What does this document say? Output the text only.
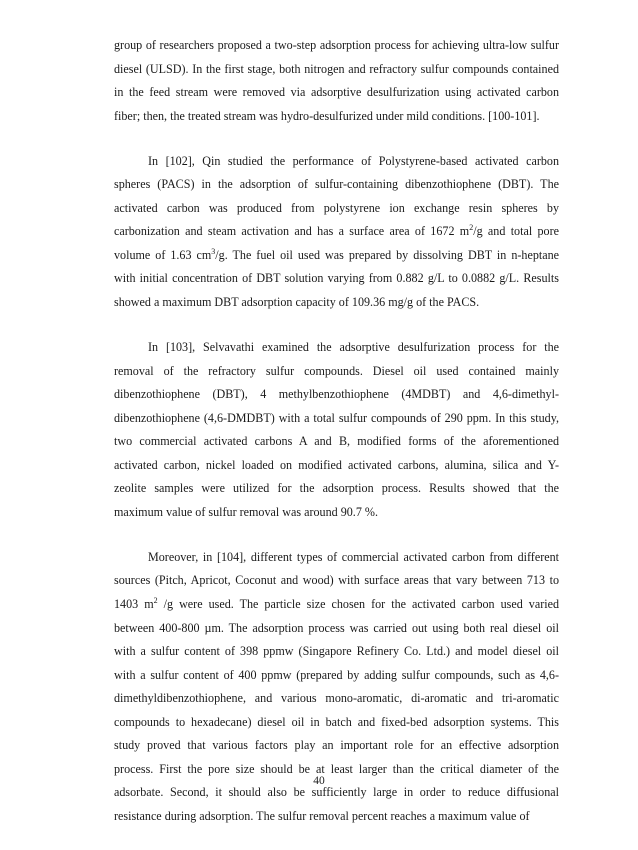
group of researchers proposed a two-step adsorption process for achieving ultra-low sulfur
diesel (ULSD). In the first stage, both nitrogen and refractory sulfur compounds contained
in the feed stream were removed via adsorptive desulfurization using activated carbon
fiber; then, the treated stream was hydro-desulfurized under mild conditions. [100-101].
In [102], Qin studied the performance of Polystyrene-based activated carbon
spheres (PACS) in the adsorption of sulfur-containing dibenzothiophene (DBT). The
activated carbon was produced from polystyrene ion exchange resin spheres by
carbonization and steam activation and has a surface area of 1672 $m^2/g$ and total pore
volume of 1.63 $cm^3/g$. The fuel oil used was prepared by dissolving DBT in n-heptane
with initial concentration of DBT solution varying from 0.882 g/L to 0.0882 g/L. Results
showed a maximum DBT adsorption capacity of 109.36 mg/g of the PACS.
In [103], Selvavathi examined the adsorptive desulfurization process for the
removal of the refractory sulfur compounds. Diesel oil used contained mainly
dibenzothiophene (DBT), 4 methylbenzothiophene (4MDBT) and 4,6-dimethyl-
dibenzothiophene (4,6-DMDBT) with a total sulfur compounds of 290 ppm. In this study,
two commercial activated carbons A and B, modified forms of the aforementioned
activated carbon, nickel loaded on modified activated carbons, alumina, silica and Y-
zeolite samples were utilized for the adsorption process. Results showed that the
maximum value of sulfur removal was around 90.7 %.
Moreover, in [104], different types of commercial activated carbon from different
sources (Pitch, Apricot, Coconut and wood) with surface areas that vary between 713 to
1403 $m^2$ /g were used. The particle size chosen for the activated carbon used varied
between 400-800 µm. The adsorption process was carried out using both real diesel oil
with a sulfur content of 398 ppmw (Singapore Refinery Co. Ltd.) and model diesel oil
with a sulfur content of 400 ppmw (prepared by adding sulfur compounds, such as 4,6-
dimethyldibenzothiophene, and various mono-aromatic, di-aromatic and tri-aromatic
compounds to hexadecane) diesel oil in batch and fixed-bed adsorption systems. This
study proved that various factors play an important role for an effective adsorption
process. First the pore size should be at least larger than the critical diameter of the
adsorbate. Second, it should also be sufficiently large in order to reduce diffusional
resistance during adsorption. The sulfur removal percent reaches a maximum value of
40
